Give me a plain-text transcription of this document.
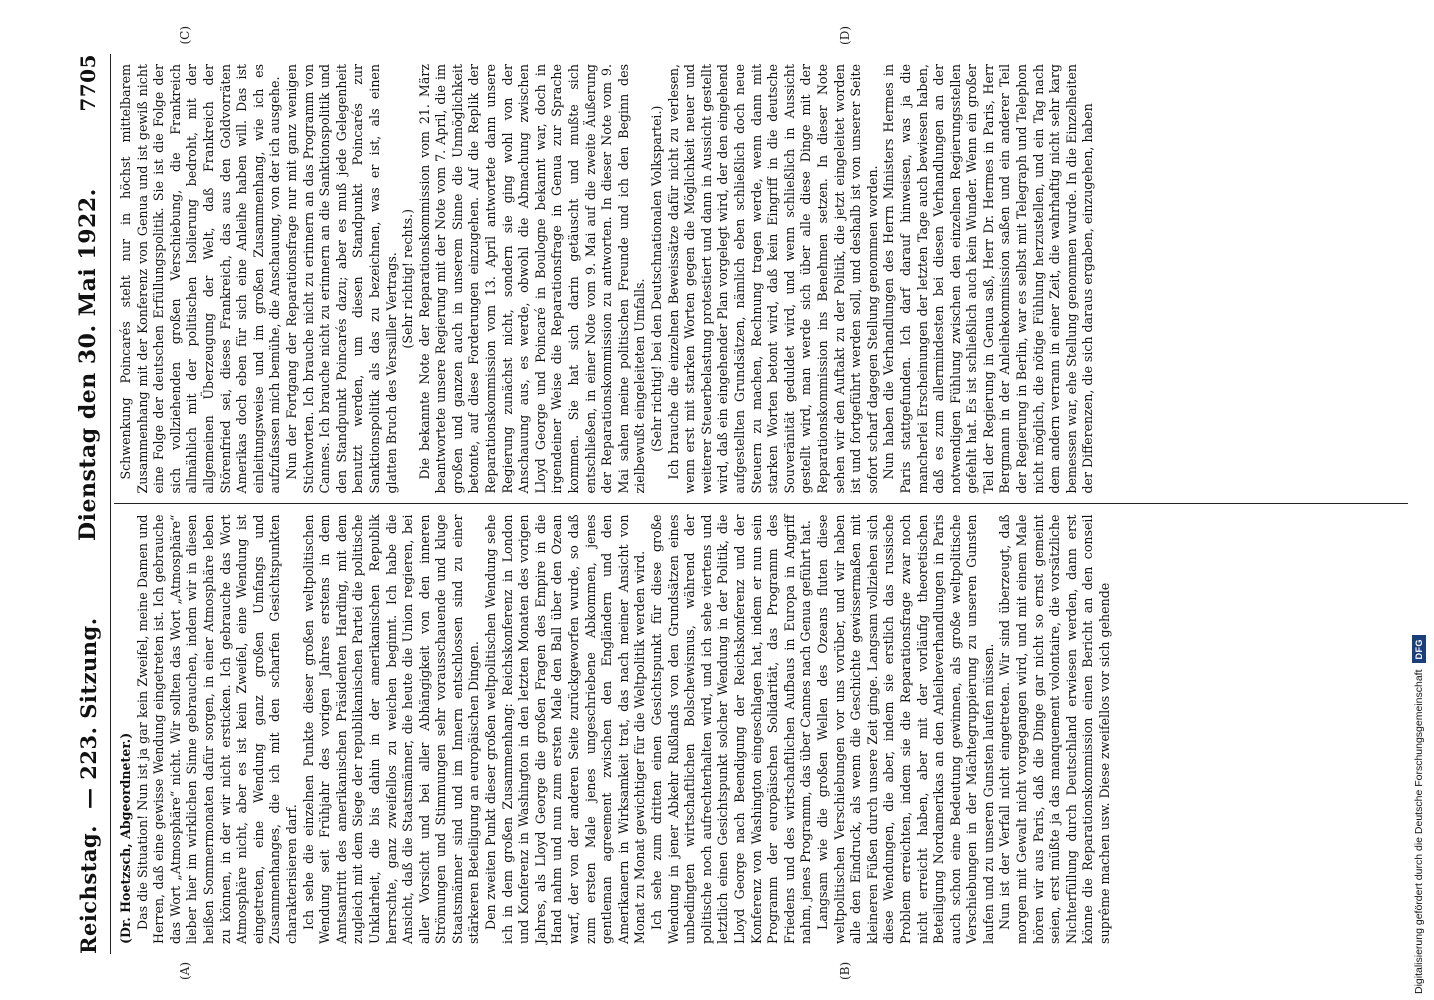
Reichstag.
— 223. Sitzung.
Dienstag den 30. Mai 1922.
7705

(Dr. Hoetzsch, Abgeordneter.) Das die Situation! Nun ist ja gar kein Zweifel, meine Damen und Herren, daß eine gewisse Wendung eingetreten ist. Ich gebrauche das Wort „Atmosphäre“ nicht. Wir sollten das Wort „Atmosphäre“ lieber hier im wirklichen Sinne gebrauchen, indem wir in diesen heißen Sommermonaten dafür sorgen, in einer Atmosphäre leben zu können, in der wir nicht ersticken. Ich gebrauche das Wort Atmosphäre nicht, aber es ist kein Zweifel, eine Wendung ist eingetreten, eine Wendung ganz großen Umfangs und Zusammenhanges, die ich mit den scharfen Gesichtspunkten charakterisieren darf. Ich sehe die einzelnen Punkte dieser großen weltpolitischen Wendung seit Frühjahr des vorigen Jahres erstens in dem Amtsantritt des amerikanischen Präsidenten Harding, mit dem zugleich mit dem Siege der republikanischen Partei die politische Unklarheit, die bis dahin in der amerikanischen Republik herrschte, ganz zweifellos zu weichen beginnt. Ich habe die Ansicht, daß die Staatsmänner, die heute die Union regieren, bei aller Vorsicht und bei aller Abhängigkeit von den inneren Strömungen und Stimmungen sehr vorausschauende und kluge Staatsmänner sind und im Innern entschlossen sind zu einer stärkeren Beteiligung an europäischen Dingen. Den zweiten Punkt dieser großen weltpolitischen Wendung sehe ich in dem großen Zusammenhang: Reichskonferenz in London und Konferenz in Washington in den letzten Monaten des vorigen Jahres, als Lloyd George die großen Fragen des Empire in die Hand nahm und nun zum ersten Male den Ball über den Ozean warf, der von der anderen Seite zurückgeworfen wurde, so daß zum ersten Male jenes ungeschriebene Abkommen, jenes gentleman agreement zwischen den Engländern und den Amerikanern in Wirksamkeit trat, das nach meiner Ansicht von Monat zu Monat gewichtiger für die Weltpolitik werden wird. Ich sehe zum dritten einen Gesichtspunkt für diese große Wendung in jener Abkehr Rußlands von den Grundsätzen eines unbedingten wirtschaftlichen Bolschewismus, während der politische noch aufrechterhalten wird, und ich sehe viertens und letztlich einen Gesichtspunkt solcher Wendung in der Politik, die Lloyd George nach Beendigung der Reichskonferenz und der Konferenz von Washington eingeschlagen hat, indem er nun sein Programm der europäischen Solidarität, das Programm des Friedens und des wirtschaftlichen Aufbaus in Europa in Angriff nahm, jenes Programm, das über Cannes nach Genua geführt hat. Langsam wie die großen Wellen des Ozeans fluten diese weltpolitischen Verschiebungen vor uns vorüber, und wir haben alle den Eindruck, als wenn die Geschichte gewissermaßen mit kleineren Füßen durch unsere Zeit ginge. Langsam vollziehen sich diese Wendungen, die aber, indem sie erstlich das russische Problem erreichten, indem sie die Reparationsfrage zwar noch nicht erreicht haben, aber mit der vorläufig theoretischen Beteiligung Nordamerikas an den Anleiheverhandlungen in Paris auch schon eine Bedeutung gewinnen, als große weltpolitische Verschiebungen in der Mächtegruppierung zu unseren Gunsten laufen und zu unseren Gunsten laufen müssen. Nun ist der Verfall nicht eingetreten. Wir sind überzeugt, daß morgen mit Gewalt nicht vorgegangen wird, und mit einem Male hören wir aus Paris, daß die Dinge gar nicht so ernst gemeint seien, erst müßte ja das manquement volontaire, die vorsätzliche Nichterfüllung durch Deutschland erwiesen werden, dann erst könne die Reparationskommission einen Bericht an den conseil suprême machen usw. Diese zweifellos vor sich gehende

Schwenkung Poincarés steht nur in höchst mittelbarem Zusammenhang mit der Konferenz von Genua und ist gewiß nicht eine Folge der deutschen Erfüllungspolitik. Sie ist die Folge der sich vollziehenden großen Verschiebung, die Frankreich allmählich mit der politischen Isolierung bedroht, mit der allgemeinen Überzeugung der Welt, daß Frankreich der Störenfried sei, dieses Frankreich, das aus den Goldvorräten Amerikas doch eben für sich eine Anleihe haben will. Das ist einleitungsweise und im großen Zusammenhang, wie ich es aufzufassen mich bemühe, die Anschauung, von der ich ausgehe. Nun der Fortgang der Reparationsfrage nur mit ganz wenigen Stichworten. Ich brauche nicht zu erinnern an das Programm von Cannes. Ich brauche nicht zu erinnern an die Sanktionspolitik und den Standpunkt Poincarés dazu; aber es muß jede Gelegenheit benutzt werden, um diesen Standpunkt Poincarés zur Sanktionspolitik als das zu bezeichnen, was er ist, als einen glatten Bruch des Versailler Vertrags. (Sehr richtig! rechts.) Die bekannte Note der Reparationskommission vom 21. März beantwortete unsere Regierung mit der Note vom 7. April, die im großen und ganzen auch in unserem Sinne die Unmöglichkeit betonte, auf diese Forderungen einzugehen. Auf die Replik der Reparationskommission vom 13. April antwortete dann unsere Regierung zunächst nicht, sondern sie ging wohl von der Anschauung aus, es werde, obwohl die Abmachung zwischen Lloyd George und Poincaré in Boulogne bekannt war, doch in irgendeiner Weise die Reparationsfrage in Genua zur Sprache kommen. Sie hat sich darin getäuscht und mußte sich entschließen, in einer Note vom 9. Mai auf die zweite Äußerung der Reparationskommission zu antworten. In dieser Note vom 9. Mai sahen meine politischen Freunde und ich den Beginn des zielbewußt eingeleiteten Umfalls. (Sehr richtig! bei den Deutschnationalen Volkspartei.) Ich brauche die einzelnen Beweissätze dafür nicht zu verlesen, wenn erst mit starken Worten gegen die Möglichkeit neuer und weiterer Steuerbelastung protestiert und dann in Aussicht gestellt wird, daß ein eingehender Plan vorgelegt wird, der den eingehend aufgestellten Grundsätzen, nämlich eben schließlich doch neue Steuern zu machen, Rechnung tragen werde, wenn dann mit starken Worten betont wird, daß kein Eingriff in die deutsche Souveränität geduldet wird, und wenn schließlich in Aussicht gestellt wird, man werde sich über alle diese Dinge mit der Reparationskommission ins Benehmen setzen. In dieser Note sehen wir den Auftakt zu der Politik, die jetzt eingeleitet worden ist und fortgeführt werden soll, und deshalb ist von unserer Seite sofort scharf dagegen Stellung genommen worden. Nun haben die Verhandlungen des Herrn Ministers Hermes in Paris stattgefunden. Ich darf darauf hinweisen, was ja die mancherlei Erscheinungen der letzten Tage auch bewiesen haben, daß es zum allermindesten bei diesen Verhandlungen an der notwendigen Fühlung zwischen den einzelnen Regierungsstellen gefehlt hat. Es ist schließlich auch kein Wunder. Wenn ein großer Teil der Regierung in Genua saß, Herr Dr. Hermes in Paris, Herr Bergmann in der Anleihekommission saßen und ein anderer Teil der Regierung in Berlin, war es selbst mit Telegraph und Telephon nicht möglich, die nötige Fühlung herzustellen, und ein Tag nach dem andern verrann in einer Zeit, die wahrhaftig nicht sehr karg bemessen war, ehe Stellung genommen wurde. In die Einzelheiten der Differenzen, die sich daraus ergaben, einzugehen, haben

(A)	(B)
(C)	(D)
Digitalisierung gefördert durch die Deutsche Forschungsgemeinschaft
DFG
